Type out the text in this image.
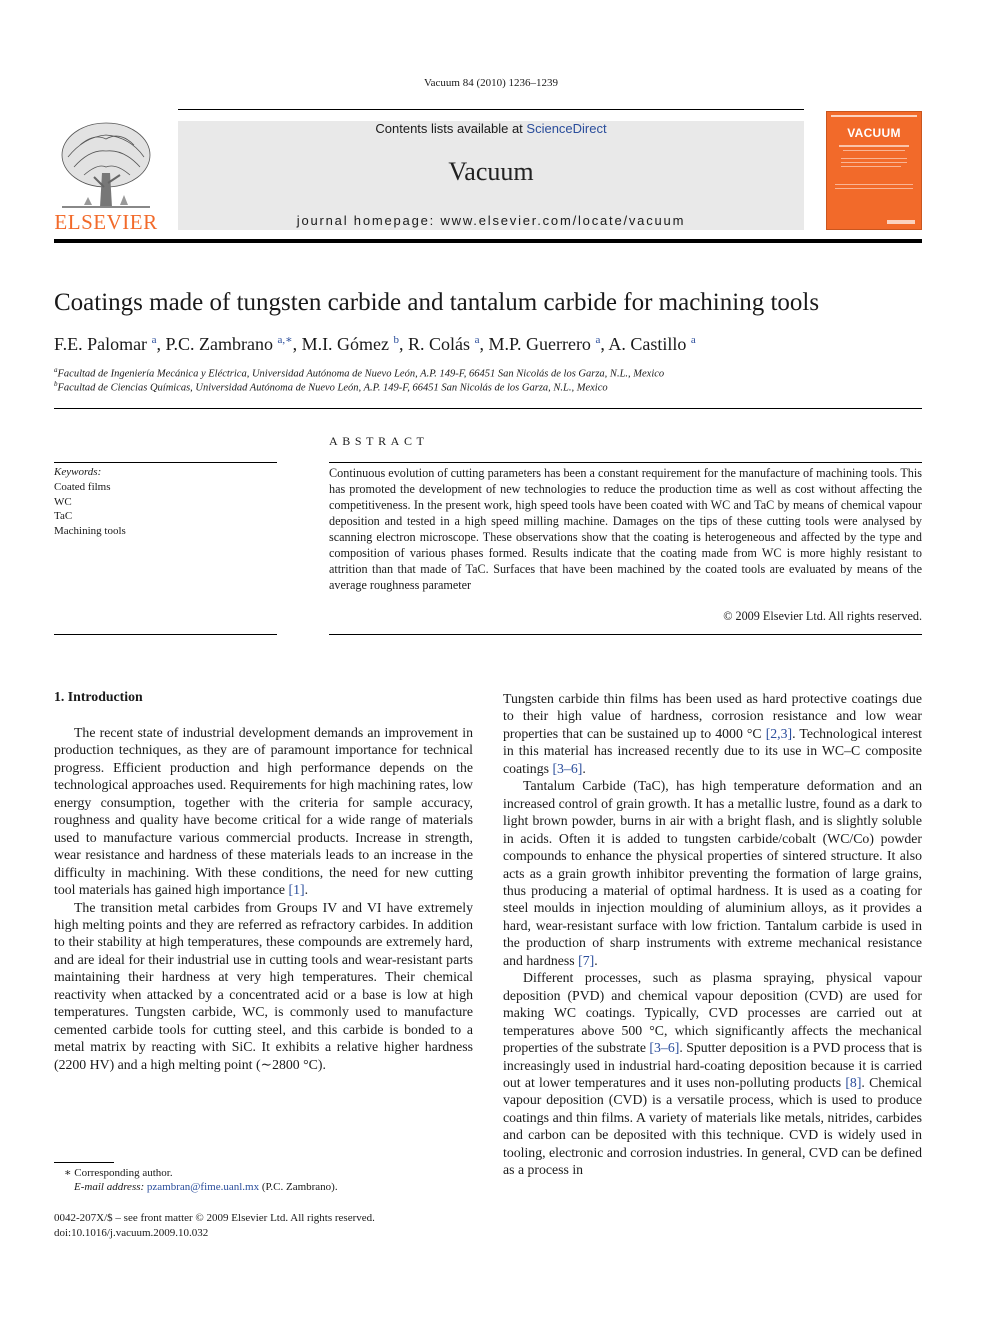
Vacuum 84 (2010) 1236–1239
ELSEVIER
Contents lists available at ScienceDirect
Vacuum
journal homepage: www.elsevier.com/locate/vacuum
VACUUM
Coatings made of tungsten carbide and tantalum carbide for machining tools
F.E. Palomar $^a$, P.C. Zambrano $^{a,∗}$, M.I. Gómez $^b$, R. Colás $^a$, M.P. Guerrero $^a$, A. Castillo $^a$
$^a$Facultad de Ingeniería Mecánica y Eléctrica, Universidad Autónoma de Nuevo León, A.P. 149-F, 66451 San Nicolás de los Garza, N.L., Mexico
$^b$Facultad de Ciencias Químicas, Universidad Autónoma de Nuevo León, A.P. 149-F, 66451 San Nicolás de los Garza, N.L., Mexico
Keywords:
Coated films
WC
TaC
Machining tools
ABSTRACT
Continuous evolution of cutting parameters has been a constant requirement for the manufacture of machining tools. This has promoted the development of new technologies to reduce the production time as well as cost without affecting the competitiveness. In the present work, high speed tools have been coated with WC and TaC by means of chemical vapour deposition and tested in a high speed milling machine. Damages on the tips of these cutting tools were analysed by scanning electron microscope. These observations show that the coating is heterogeneous and affected by the type and composition of various phases formed. Results indicate that the coating made from WC is more highly resistant to attrition than that made of TaC. Surfaces that have been machined by the coated tools are evaluated by means of the average roughness parameter
© 2009 Elsevier Ltd. All rights reserved.
1. Introduction

The recent state of industrial development demands an improvement in production techniques, as they are of paramount importance for technical progress. Efficient production and high performance depends on the technological approaches used. Requirements for high machining rates, low energy consumption, together with the criteria for sample accuracy, roughness and quality have become critical for a wide range of materials used to manufacture various commercial products. Increase in strength, wear resistance and hardness of these materials leads to an increase in the difficulty in machining. With these conditions, the need for new cutting tool materials has gained high importance [1].

The transition metal carbides from Groups IV and VI have extremely high melting points and they are referred as refractory carbides. In addition to their stability at high temperatures, these compounds are extremely hard, and are ideal for their industrial use in cutting tools and wear-resistant parts maintaining their hardness at very high temperatures. Their chemical reactivity when attacked by a concentrated acid or a base is low at high temperatures. Tungsten carbide, WC, is commonly used to manufacture cemented carbide tools for cutting steel, and this carbide is bonded to a metal matrix by reacting with SiC. It exhibits a relative higher hardness (2200 HV) and a high melting point (∼2800 °C).

Tungsten carbide thin films has been used as hard protective coatings due to their high value of hardness, corrosion resistance and low wear properties that can be sustained up to 4000 °C [2,3]. Technological interest in this material has increased recently due to its use in WC–C composite coatings [3–6].

Tantalum Carbide (TaC), has high temperature deformation and an increased control of grain growth. It has a metallic lustre, found as a dark to light brown powder, burns in air with a bright flash, and is slightly soluble in acids. Often it is added to tungsten carbide/cobalt (WC/Co) powder compounds to enhance the physical properties of sintered structure. It also acts as a grain growth inhibitor preventing the formation of large grains, thus producing a material of optimal hardness. It is used as a coating for steel moulds in injection moulding of aluminium alloys, as it provides a hard, wear-resistant surface with low friction. Tantalum carbide is used in the production of sharp instruments with extreme mechanical resistance and hardness [7].

Different processes, such as plasma spraying, physical vapour deposition (PVD) and chemical vapour deposition (CVD) are used for making WC coatings. Typically, CVD processes are carried out at temperatures above 500 °C, which significantly affects the mechanical properties of the substrate [3–6]. Sputter deposition is a PVD process that is increasingly used in industrial hard-coating deposition because it is carried out at lower temperatures and it uses non-polluting products [8]. Chemical vapour deposition (CVD) is a versatile process, which is used to produce coatings and thin films. A variety of materials like metals, nitrides, carbides and carbon can be deposited with this technique. CVD is widely used in tooling, electronic and corrosion industries. In general, CVD can be defined as a process in

∗ Corresponding author.
E-mail address: pzambran@fime.uanl.mx (P.C. Zambrano).
0042-207X/$ – see front matter © 2009 Elsevier Ltd. All rights reserved.
doi:10.1016/j.vacuum.2009.10.032
